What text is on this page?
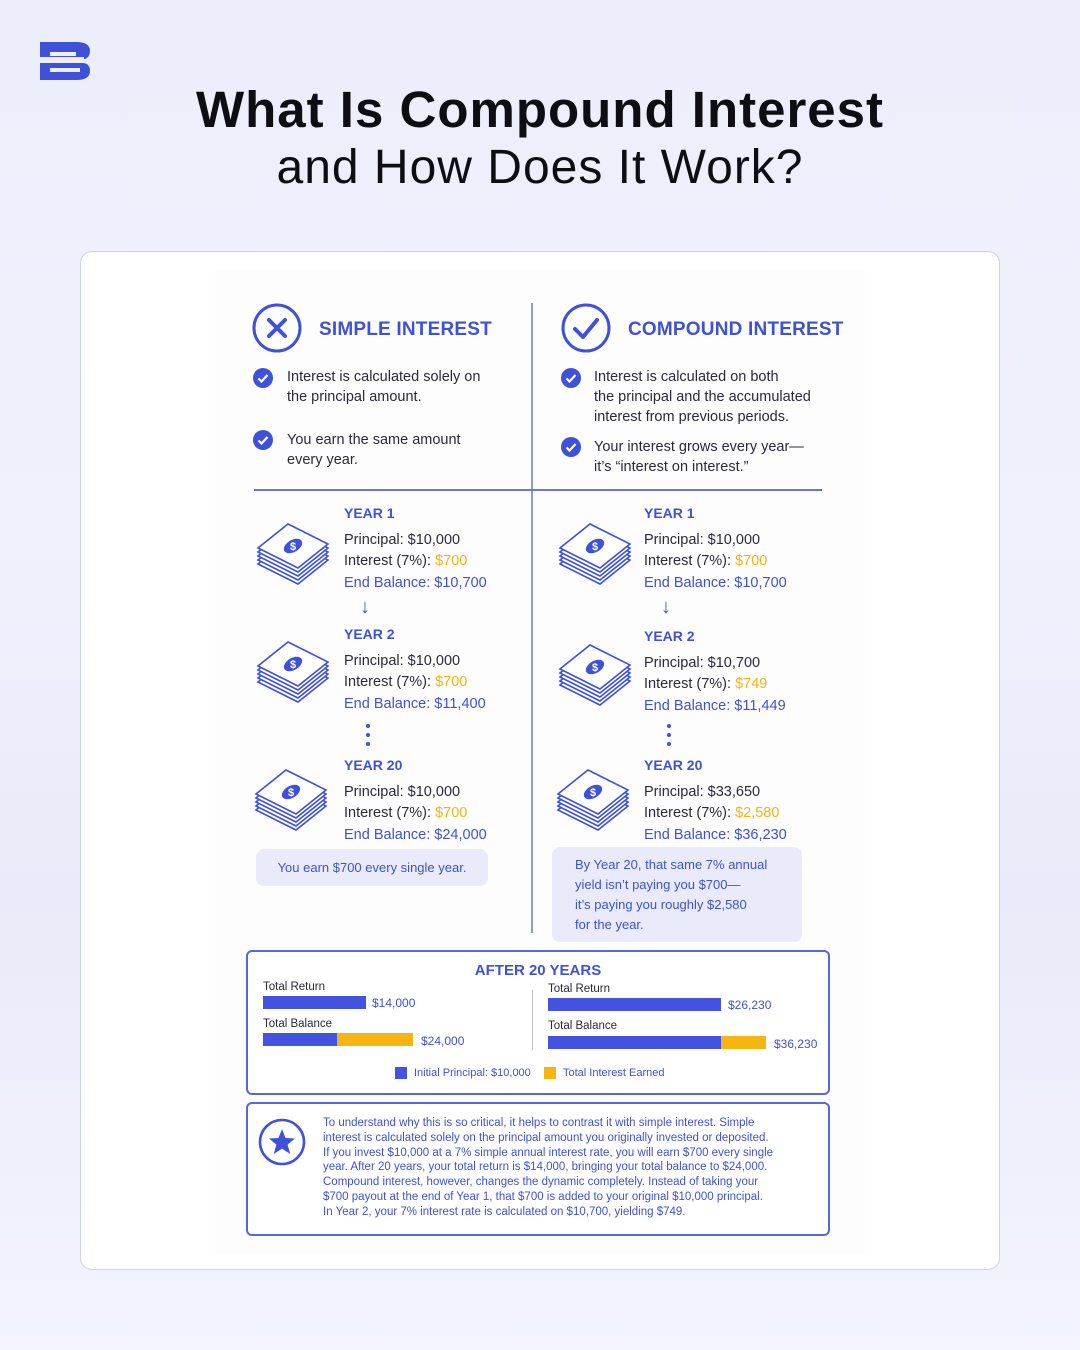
What Is Compound Interest
and How Does It Work?
SIMPLE INTEREST
Interest is calculated solely on
the principal amount.
You earn the same amount
every year.
COMPOUND INTEREST
Interest is calculated on both
the principal and the accumulated
interest from previous periods.
Your interest grows every year—
it’s “interest on interest.”
$
$
$
$
$
$
YEAR 1
Principal: $10,000
Interest (7%): $700
End Balance: $10,700
↓
YEAR 2
Principal: $10,000
Interest (7%): $700
End Balance: $11,400
YEAR 20
Principal: $10,000
Interest (7%): $700
End Balance: $24,000
You earn $700 every single year.
YEAR 1
Principal: $10,000
Interest (7%): $700
End Balance: $10,700
↓
YEAR 2
Principal: $10,700
Interest (7%): $749
End Balance: $11,449
YEAR 20
Principal: $33,650
Interest (7%): $2,580
End Balance: $36,230
By Year 20, that same 7% annual
yield isn’t paying you $700—
it’s paying you roughly $2,580
for the year.
AFTER 20 YEARS
Total Return
$14,000
Total Balance
$24,000
Total Return
$26,230
Total Balance
$36,230
Initial Principal: $10,000	Total Interest Earned
To understand why this is so critical, it helps to contrast it with simple interest. Simple
interest is calculated solely on the principal amount you originally invested or deposited.
If you invest $10,000 at a 7% simple annual interest rate, you will earn $700 every single
year. After 20 years, your total return is $14,000, bringing your total balance to $24,000.
Compound interest, however, changes the dynamic completely. Instead of taking your
$700 payout at the end of Year 1, that $700 is added to your original $10,000 principal.
In Year 2, your 7% interest rate is calculated on $10,700, yielding $749.
